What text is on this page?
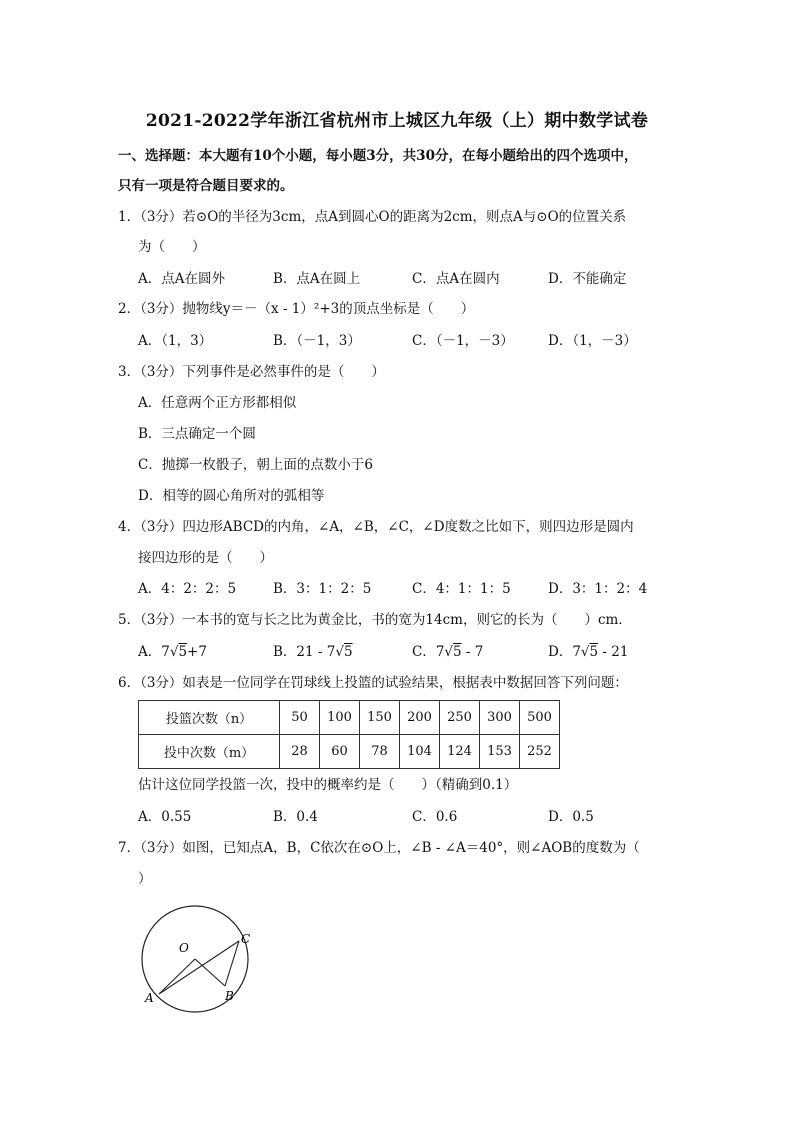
2021-2022学年浙江省杭州市上城区九年级（上）期中数学试卷
一、选择题：本大题有10个小题，每小题3分，共30分，在每小题给出的四个选项中，
只有一项是符合题目要求的。
1．（3分）若⊙O的半径为3cm，点A到圆心O的距离为2cm，则点A与⊙O的位置关系
为（　　）
A．点A在圆外	B．点A在圆上	C．点A在圆内	D．不能确定
2．（3分）抛物线y＝－（x - 1）²+3的顶点坐标是（　　）
A．（1，3）	B．（－1，3）	C．（－1，－3）	D．（1，－3）
3．（3分）下列事件是必然事件的是（　　）
A．任意两个正方形都相似
B．三点确定一个圆
C．抛掷一枚骰子，朝上面的点数小于6
D．相等的圆心角所对的弧相等
4．（3分）四边形ABCD的内角，∠A，∠B，∠C，∠D度数之比如下，则四边形是圆内
接四边形的是（　　）
A．4：2：2：5	B．3：1：2：5	C．4：1：1：5	D．3：1：2：4
5．（3分）一本书的宽与长之比为黄金比，书的宽为14cm，则它的长为（　　）cm．
A．7√5+7	B．21 - 7√5	C．7√5 - 7	D．7√5 - 21
6．（3分）如表是一位同学在罚球线上投篮的试验结果，根据表中数据回答下列问题：
投篮次数（n）	50	100	150	200	250	300	500
投中次数（m）	28	60	78	104	124	153	252
估计这位同学投篮一次，投中的概率约是（　　）（精确到0.1）
A．0.55	B．0.4	C．0.6	D．0.5
7．（3分）如图，已知点A，B，C依次在⊙O上，∠B - ∠A＝40°，则∠AOB的度数为（
）
O
A	B
C
